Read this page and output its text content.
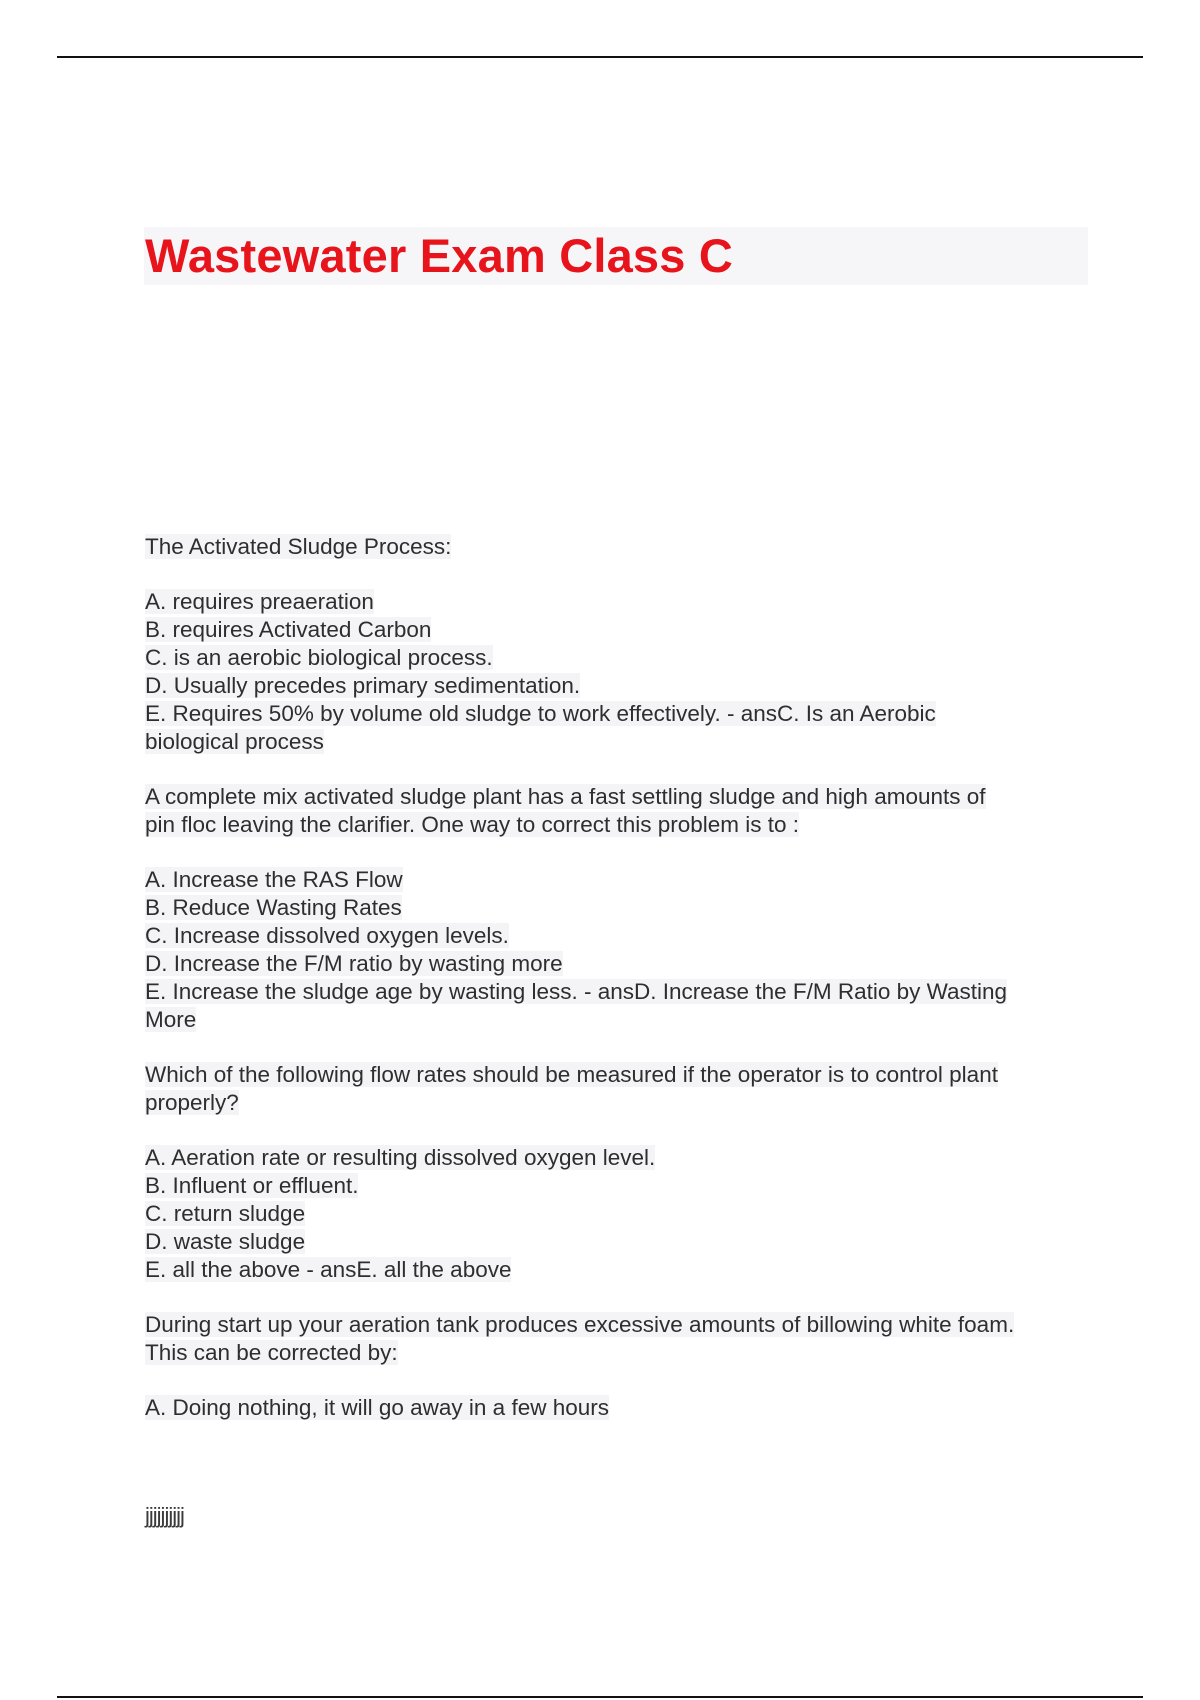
Wastewater Exam Class C
The Activated Sludge Process:
A. requires preaeration
B. requires Activated Carbon
C. is an aerobic biological process.
D. Usually precedes primary sedimentation.
E. Requires 50% by volume old sludge to work effectively. - ansC. Is an Aerobic
biological process
A complete mix activated sludge plant has a fast settling sludge and high amounts of
pin floc leaving the clarifier. One way to correct this problem is to :
A. Increase the RAS Flow
B. Reduce Wasting Rates
C. Increase dissolved oxygen levels.
D. Increase the F/M ratio by wasting more
E. Increase the sludge age by wasting less. - ansD. Increase the F/M Ratio by Wasting
More
Which of the following flow rates should be measured if the operator is to control plant
properly?
A. Aeration rate or resulting dissolved oxygen level.
B. Influent or effluent.
C. return sludge
D. waste sludge
E. all the above - ansE. all the above
During start up your aeration tank produces excessive amounts of billowing white foam.
This can be corrected by:
A. Doing nothing, it will go away in a few hours
jjjjjjjjjj
